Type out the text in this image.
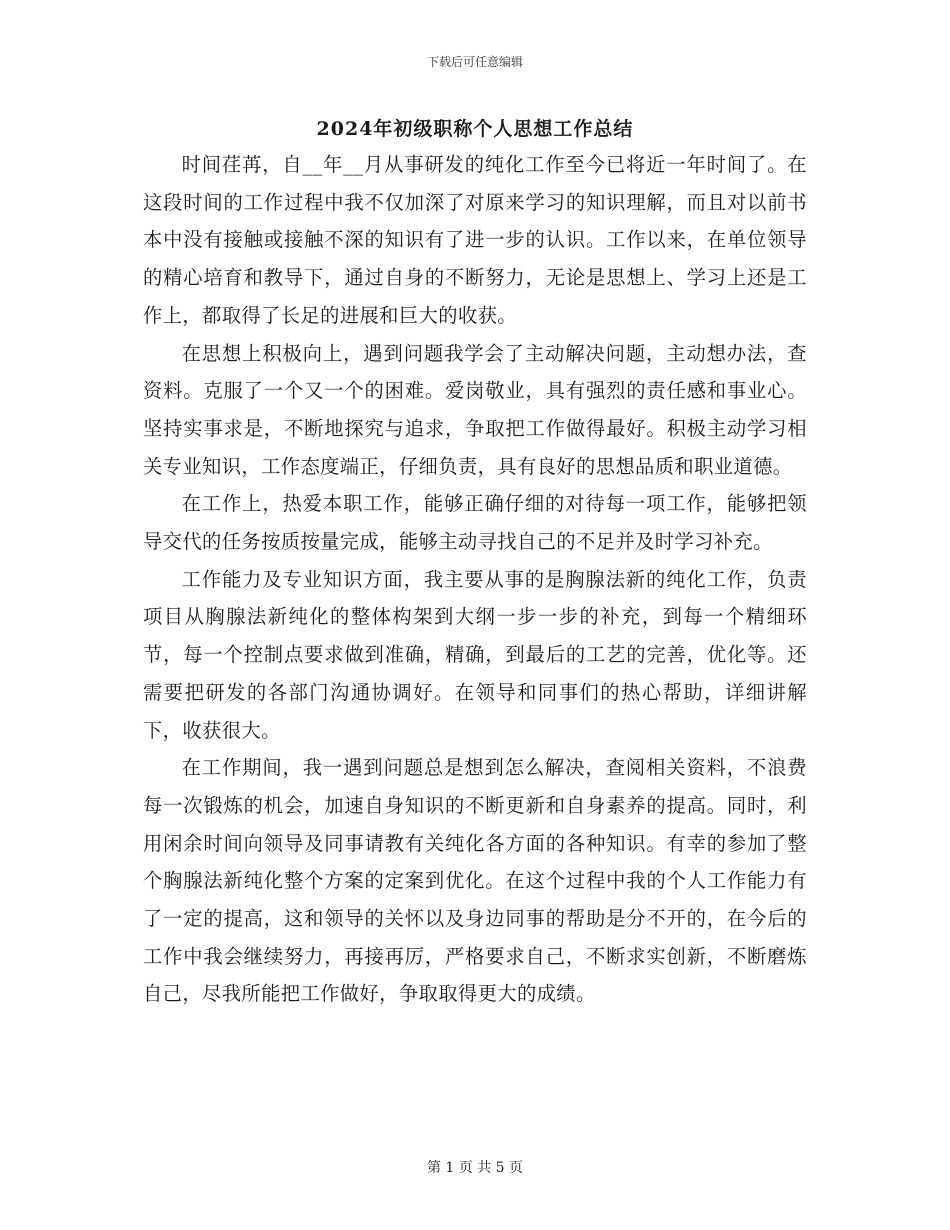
下载后可任意编辑
2024年初级职称个人思想工作总结

时间荏苒，自__年__月从事研发的纯化工作至今已将近一年时间了。在这段时间的工作过程中我不仅加深了对原来学习的知识理解，而且对以前书本中没有接触或接触不深的知识有了进一步的认识。工作以来，在单位领导的精心培育和教导下，通过自身的不断努力，无论是思想上、学习上还是工作上，都取得了长足的进展和巨大的收获。

在思想上积极向上，遇到问题我学会了主动解决问题，主动想办法，查资料。克服了一个又一个的困难。爱岗敬业，具有强烈的责任感和事业心。坚持实事求是，不断地探究与追求，争取把工作做得最好。积极主动学习相关专业知识，工作态度端正，仔细负责，具有良好的思想品质和职业道德。

在工作上，热爱本职工作，能够正确仔细的对待每一项工作，能够把领导交代的任务按质按量完成，能够主动寻找自己的不足并及时学习补充。

工作能力及专业知识方面，我主要从事的是胸腺法新的纯化工作，负责项目从胸腺法新纯化的整体构架到大纲一步一步的补充，到每一个精细环节，每一个控制点要求做到准确，精确，到最后的工艺的完善，优化等。还需要把研发的各部门沟通协调好。在领导和同事们的热心帮助，详细讲解下，收获很大。

在工作期间，我一遇到问题总是想到怎么解决，查阅相关资料，不浪费每一次锻炼的机会，加速自身知识的不断更新和自身素养的提高。同时，利用闲余时间向领导及同事请教有关纯化各方面的各种知识。有幸的参加了整个胸腺法新纯化整个方案的定案到优化。在这个过程中我的个人工作能力有了一定的提高，这和领导的关怀以及身边同事的帮助是分不开的，在今后的工作中我会继续努力，再接再厉，严格要求自己，不断求实创新，不断磨炼自己，尽我所能把工作做好，争取取得更大的成绩。

第 1 页 共 5 页
